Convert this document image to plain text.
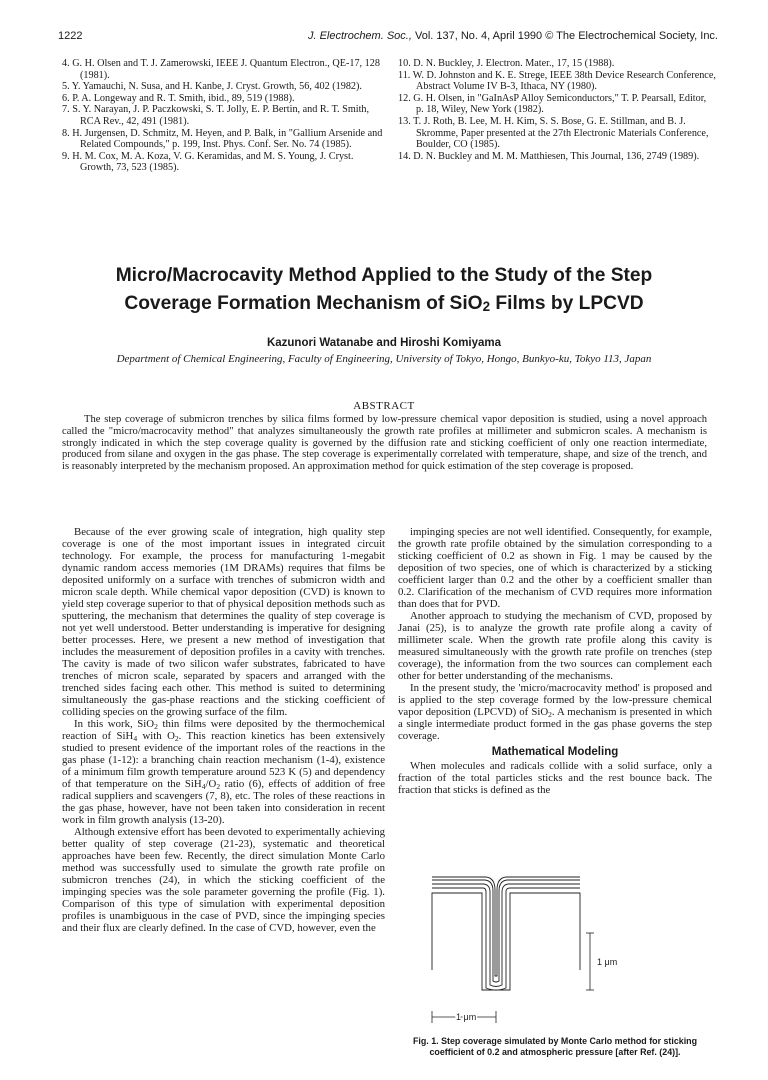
1222	J. Electrochem. Soc., Vol. 137, No. 4, April 1990 © The Electrochemical Society, Inc.

4. G. H. Olsen and T. J. Zamerowski, IEEE J. Quantum Electron., QE-17, 128 (1981).

5. Y. Yamauchi, N. Susa, and H. Kanbe, J. Cryst. Growth, 56, 402 (1982).

6. P. A. Longeway and R. T. Smith, ibid., 89, 519 (1988).

7. S. Y. Narayan, J. P. Paczkowski, S. T. Jolly, E. P. Bertin, and R. T. Smith, RCA Rev., 42, 491 (1981).

8. H. Jurgensen, D. Schmitz, M. Heyen, and P. Balk, in "Gallium Arsenide and Related Compounds," p. 199, Inst. Phys. Conf. Ser. No. 74 (1985).

9. H. M. Cox, M. A. Koza, V. G. Keramidas, and M. S. Young, J. Cryst. Growth, 73, 523 (1985).

10. D. N. Buckley, J. Electron. Mater., 17, 15 (1988).

11. W. D. Johnston and K. E. Strege, IEEE 38th Device Research Conference, Abstract Volume IV B-3, Ithaca, NY (1980).

12. G. H. Olsen, in "GaInAsP Alloy Semiconductors," T. P. Pearsall, Editor, p. 18, Wiley, New York (1982).

13. T. J. Roth, B. Lee, M. H. Kim, S. S. Bose, G. E. Stillman, and B. J. Skromme, Paper presented at the 27th Electronic Materials Conference, Boulder, CO (1985).

14. D. N. Buckley and M. M. Matthiesen, This Journal, 136, 2749 (1989).

Micro/Macrocavity Method Applied to the Study of the Step
Coverage Formation Mechanism of SiO$_2$ Films by LPCVD
Kazunori Watanabe and Hiroshi Komiyama
Department of Chemical Engineering, Faculty of Engineering, University of Tokyo, Hongo, Bunkyo-ku, Tokyo 113, Japan
ABSTRACT

The step coverage of submicron trenches by silica films formed by low-pressure chemical vapor deposition is studied, using a novel approach called the "micro/macrocavity method" that analyzes simultaneously the growth rate profiles at millimeter and submicron scales. A mechanism is strongly indicated in which the step coverage quality is governed by the diffusion rate and sticking coefficient of only one reaction intermediate, produced from silane and oxygen in the gas phase. The step coverage is experimentally correlated with temperature, shape, and size of the trench, and is reasonably interpreted by the mechanism proposed. An approximation method for quick estimation of the step coverage is proposed.

Because of the ever growing scale of integration, high quality step coverage is one of the most important issues in integrated circuit technology. For example, the process for manufacturing 1-megabit dynamic random access memories (1M DRAMs) requires that films be deposited uniformly on a surface with trenches of submicron width and micron scale depth. While chemical vapor deposition (CVD) is known to yield step coverage superior to that of physical deposition methods such as sputtering, the mechanism that determines the quality of step coverage is not yet well understood. Better understanding is imperative for designing better processes. Here, we present a new method of investigation that includes the measurement of deposition profiles in a cavity with trenches. The cavity is made of two silicon wafer substrates, fabricated to have trenches of micron scale, separated by spacers and arranged with the trenched sides facing each other. This method is suited to determining simultaneously the gas-phase reactions and the sticking coefficient of colliding species on the growing surface of the film.

In this work, SiO$_2$ thin films were deposited by the thermochemical reaction of SiH$_4$ with $O_2$. This reaction kinetics has been extensively studied to present evidence of the important roles of the reactions in the gas phase (1-12): a branching chain reaction mechanism (1-4), existence of a minimum film growth temperature around 523 K (5) and dependency of that temperature on the $SiH_4/O_2$ ratio (6), effects of addition of free radical suppliers and scavengers (7, 8), etc. The roles of these reactions in the gas phase, however, have not been taken into consideration in recent work in film growth analysis (13-20).

Although extensive effort has been devoted to experimentally achieving better quality of step coverage (21-23), systematic and theoretical approaches have been few. Recently, the direct simulation Monte Carlo method was successfully used to simulate the growth rate profile on submicron trenches (24), in which the sticking coefficient of the impinging species was the sole parameter governing the profile (Fig. 1). Comparison of this type of simulation with experimental deposition profiles is unambiguous in the case of PVD, since the impinging species and their flux are clearly defined. In the case of CVD, however, even the

impinging species are not well identified. Consequently, for example, the growth rate profile obtained by the simulation corresponding to a sticking coefficient of 0.2 as shown in Fig. 1 may be caused by the deposition of two species, one of which is characterized by a sticking coefficient larger than 0.2 and the other by a coefficient smaller than 0.2. Clarification of the mechanism of CVD requires more information than does that for PVD.

Another approach to studying the mechanism of CVD, proposed by Janai (25), is to analyze the growth rate profile along a cavity of millimeter scale. When the growth rate profile along this cavity is measured simultaneously with the growth rate profile on trenches (step coverage), the information from the two sources can complement each other for better understanding of the mechanisms.

In the present study, the 'micro/macrocavity method' is proposed and is applied to the step coverage formed by the low-pressure chemical vapor deposition (LPCVD) of SiO$_2$. A mechanism is presented in which a single intermediate product formed in the gas phase governs the step coverage.

Mathematical Modeling

When molecules and radicals collide with a solid surface, only a fraction of the total particles sticks and the rest bounce back. The fraction that sticks is defined as the

1 μm
1 μm
Fig. 1. Step coverage simulated by Monte Carlo method for sticking coefficient of 0.2 and atmospheric pressure [after Ref. (24)].
